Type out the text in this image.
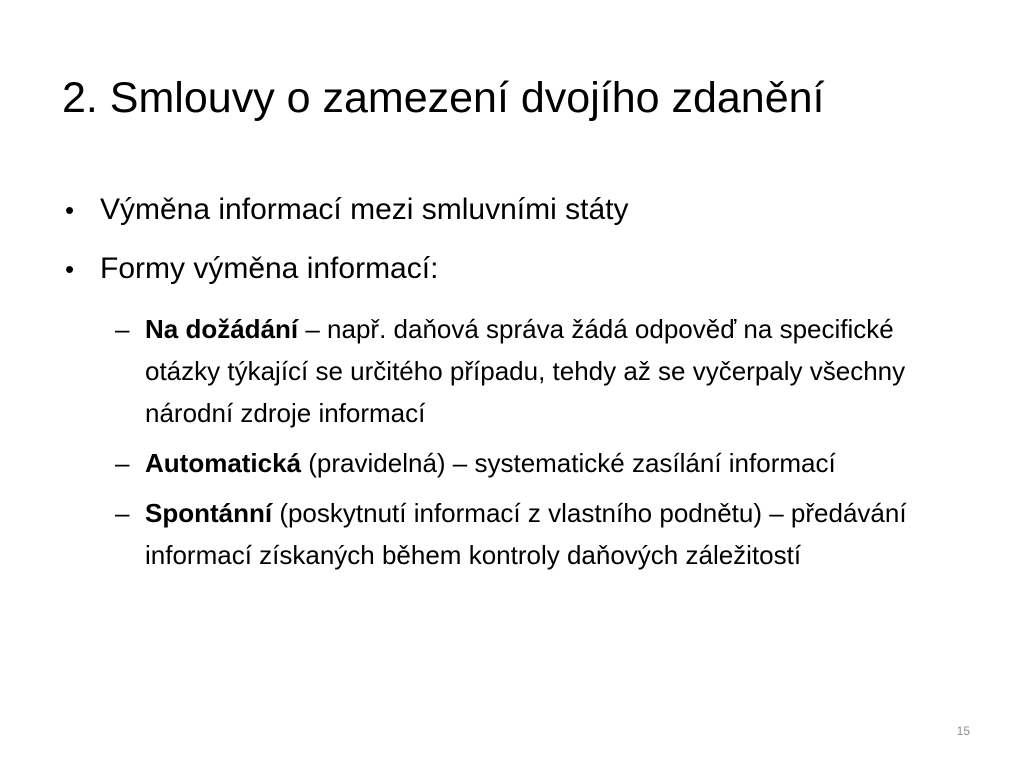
2. Smlouvy o zamezení dvojího zdanění
• Výměna informací mezi smluvními státy
• Formy výměna informací:
– Na dožádání – např. daňová správa žádá odpověď na specifické otázky týkající se určitého případu, tehdy až se vyčerpaly všechny národní zdroje informací
– Automatická (pravidelná) – systematické zasílání informací
– Spontánní (poskytnutí informací z vlastního podnětu) – předávání informací získaných během kontroly daňových záležitostí
15
